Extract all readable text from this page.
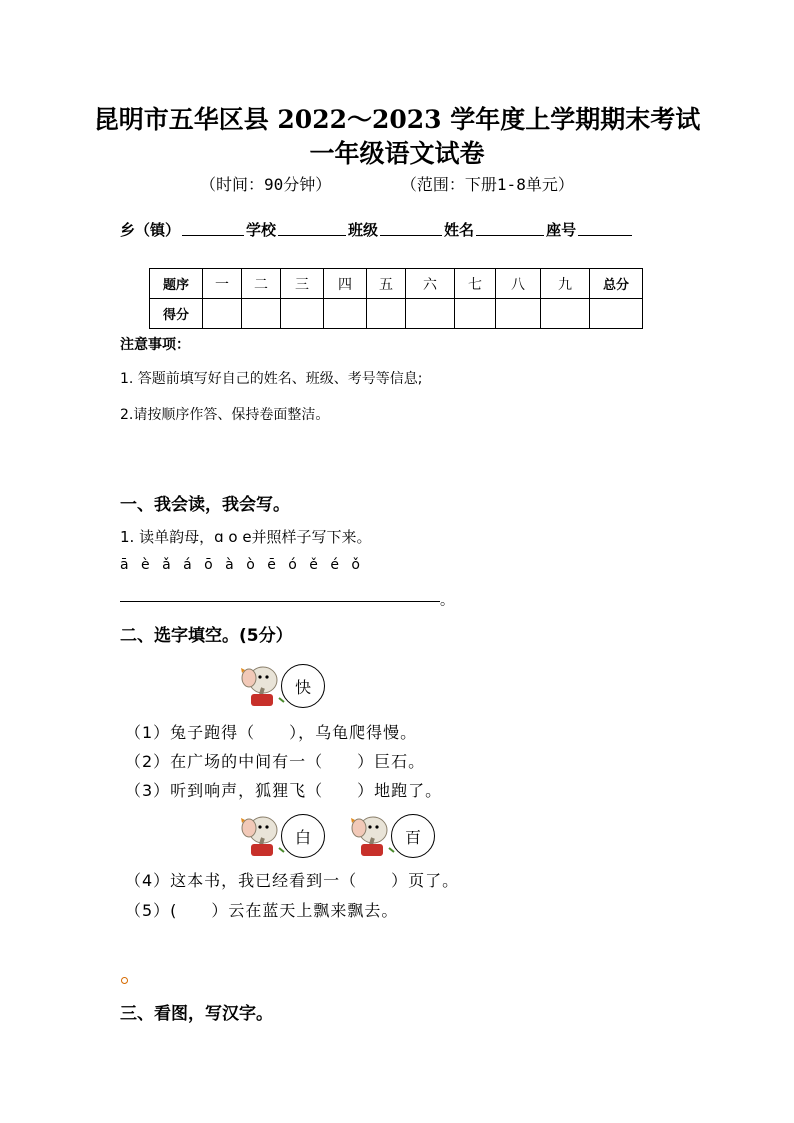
昆明市五华区县 2022～2023 学年度上学期期末考试
一年级语文试卷
（时间：90分钟）	（范围：下册1-8单元）
乡（镇）	学校	班级	姓名	座号
题序	一	二	三	四	五	六	七	八	九	总分
得分										
注意事项：
1. 答题前填写好自己的姓名、班级、考号等信息;
2.请按顺序作答、保持卷面整洁。
一、我会读，我会写。
1. 读单韵母，ɑ o e并照样子写下来。
ā è ǎ á ō à ò ē ó ě é ǒ
。
二、选字填空。(5分）
快
（1）兔子跑得（　　），乌龟爬得慢。
（2）在广场的中间有一（　　）巨石。
（3）听到响声，狐狸飞（　　）地跑了。
白	百
（4）这本书，我已经看到一（　　）页了。
（5）(　　）云在蓝天上飘来飘去。
三、看图，写汉字。
